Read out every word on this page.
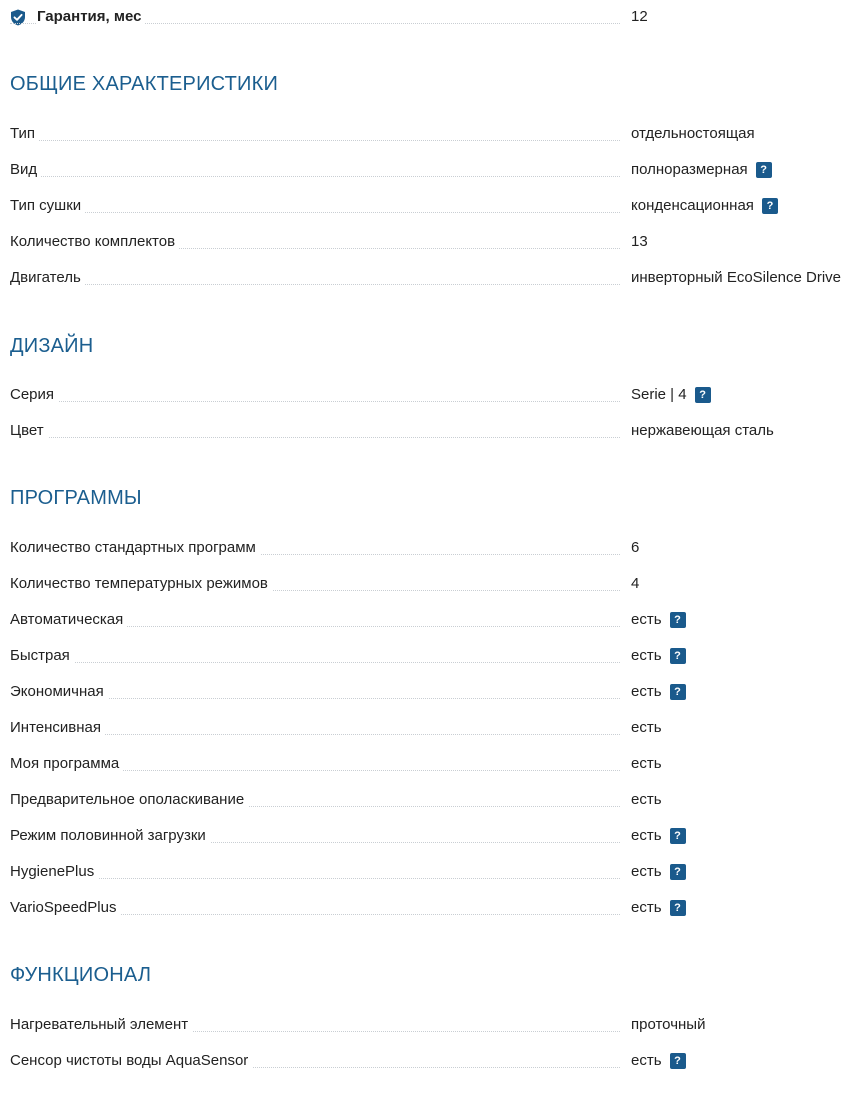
Гарантия, мес	12
ОБЩИЕ ХАРАКТЕРИСТИКИ
Тип	отдельностоящая
Вид	полноразмерная ?
Тип сушки	конденсационная ?
Количество комплектов	13
Двигатель	инверторный EcoSilence Drive
ДИЗАЙН
Серия	Serie | 4 ?
Цвет	нержавеющая сталь
ПРОГРАММЫ
Количество стандартных программ	6
Количество температурных режимов	4
Автоматическая	есть ?
Быстрая	есть ?
Экономичная	есть ?
Интенсивная	есть
Моя программа	есть
Предварительное ополаскивание	есть
Режим половинной загрузки	есть ?
HygienePlus	есть ?
VarioSpeedPlus	есть ?
ФУНКЦИОНАЛ
Нагревательный элемент	проточный
Сенсор чистоты воды AquaSensor	есть ?
